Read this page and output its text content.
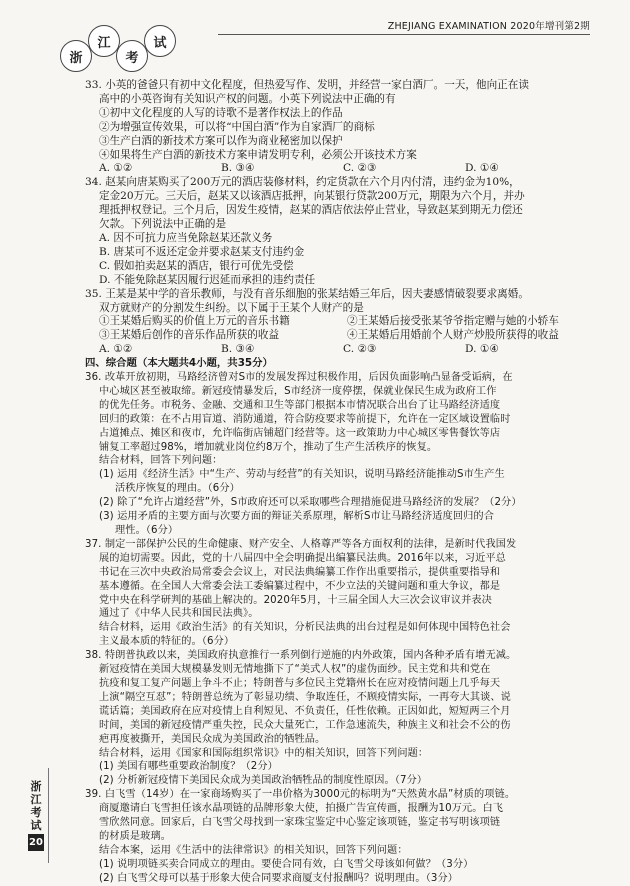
浙
江
考
试
ZHEJIANG EXAMINATION 2020年增刊第2期
33. 小英的爸爸只有初中文化程度，但热爱写作、发明，并经营一家白酒厂。一天，他向正在读
高中的小英咨询有关知识产权的问题。小英下列说法中正确的有
①初中文化程度的人写的诗歌不是著作权法上的作品
②为增强宣传效果，可以将“中国白酒”作为自家酒厂的商标
③生产白酒的新技术方案可以作为商业秘密加以保护
④如果将生产白酒的新技术方案申请发明专利，必须公开该技术方案
A. ①②	B. ③④	C. ②③	D. ①④
34. 赵某向唐某购买了200万元的酒店装修材料，约定货款在六个月内付清，违约金为10%，
定金20万元。三天后，赵某又以该酒店抵押，向某银行贷款200万元，期限为六个月，并办
理抵押权登记。三个月后，因发生疫情，赵某的酒店依法停止营业，导致赵某到期无力偿还
欠款。下列说法中正确的是
A. 因不可抗力应当免除赵某还款义务
B. 唐某可不返还定金并要求赵某支付违约金
C. 假如拍卖赵某的酒店，银行可优先受偿
D. 不能免除赵某因履行迟延而承担的违约责任
35. 王某是某中学的音乐教师，与没有音乐细胞的张某结婚三年后，因夫妻感情破裂要求离婚。
双方就财产的分割发生纠纷。以下属于王某个人财产的是
①王某婚后购买的价值上万元的音乐书籍	②王某婚后接受张某爷爷指定赠与她的小轿车
③王某婚后创作的音乐作品所获的收益	④王某婚后用婚前个人财产炒股所获得的收益
A. ①②	B. ③④	C. ②③	D. ①④
四、综合题（本大题共4小题，共35分）
36. 改革开放初期，马路经济曾对S市的发展发挥过积极作用，后因负面影响凸显备受诟病，在
中心城区甚至被取缔。新冠疫情暴发后，S市经济一度停摆，保就业保民生成为政府工作
的优先任务。市税务、金融、交通和卫生等部门根据本市情况联合出台了让马路经济适度
回归的政策：在不占用盲道、消防通道，符合防疫要求等前提下，允许在一定区域设置临时
占道摊点、摊区和夜市，允许临街店铺超门经营等。这一政策助力中心城区零售餐饮等店
铺复工率超过98%，增加就业岗位约8万个，推动了生产生活秩序的恢复。
结合材料，回答下列问题：
(1) 运用《经济生活》中“生产、劳动与经营”的有关知识，说明马路经济能推动S市生产生
活秩序恢复的理由。（6分）
(2) 除了“允许占道经营”外，S市政府还可以采取哪些合理措施促进马路经济的发展？（2分）
(3) 运用矛盾的主要方面与次要方面的辩证关系原理，解析S市让马路经济适度回归的合
理性。（6分）
37. 制定一部保护公民的生命健康、财产安全、人格尊严等各方面权利的法律，是新时代我国发
展的迫切需要。因此，党的十八届四中全会明确提出编纂民法典。2016年以来，习近平总
书记在三次中央政治局常委会会议上，对民法典编纂工作作出重要指示，提供重要指导和
基本遵循。在全国人大常委会法工委编纂过程中，不少立法的关键问题和重大争议，都是
党中央在科学研判的基础上解决的。2020年5月，十三届全国人大三次会议审议并表决
通过了《中华人民共和国民法典》。
结合材料，运用《政治生活》的有关知识，分析民法典的出台过程是如何体现中国特色社会
主义最本质的特征的。（6分）
38. 特朗普执政以来，美国政府执意推行一系列倒行逆施的内外政策，国内各种矛盾有增无减。
新冠疫情在美国大规模暴发则无情地撕下了“美式人权”的虚伪面纱。民主党和共和党在
抗疫和复工复产问题上争斗不止；特朗普与多位民主党籍州长在应对疫情问题上几乎每天
上演“隔空互怼”；特朗普总统为了彰显功绩、争取连任，不顾疫情实际，一再夸大其谈、说
谎话篇；美国政府在应对疫情上自利短见、不负责任，任性依赖。正因如此，短短两三个月
时间，美国的新冠疫情严重失控，民众大量死亡，工作急速流失，种族主义和社会不公的伤
疤再度被撕开，美国民众成为美国政治的牺牲品。
结合材料，运用《国家和国际组织常识》中的相关知识，回答下列问题：
(1) 美国有哪些重要政治制度？（2分）
(2) 分析新冠疫情下美国民众成为美国政治牺牲品的制度性原因。（7分）
39. 白飞雪（14岁）在一家商场购买了一串价格为3000元的标明为“天然黄水晶”材质的项链。
商厦邀请白飞雪担任该水晶项链的品牌形象大使，拍摄广告宣传画，报酬为10万元。白飞
雪欣然同意。回家后，白飞雪父母找到一家珠宝鉴定中心鉴定该项链，鉴定书写明该项链
的材质是玻璃。
结合本案，运用《生活中的法律常识》的相关知识，回答下列问题：
(1) 说明项链买卖合同成立的理由。要使合同有效，白飞雪父母该如何做？（3分）
(2) 白飞雪父母可以基于形象大使合同要求商厦支付报酬吗？说明理由。（3分）
浙
江
考
试
20
